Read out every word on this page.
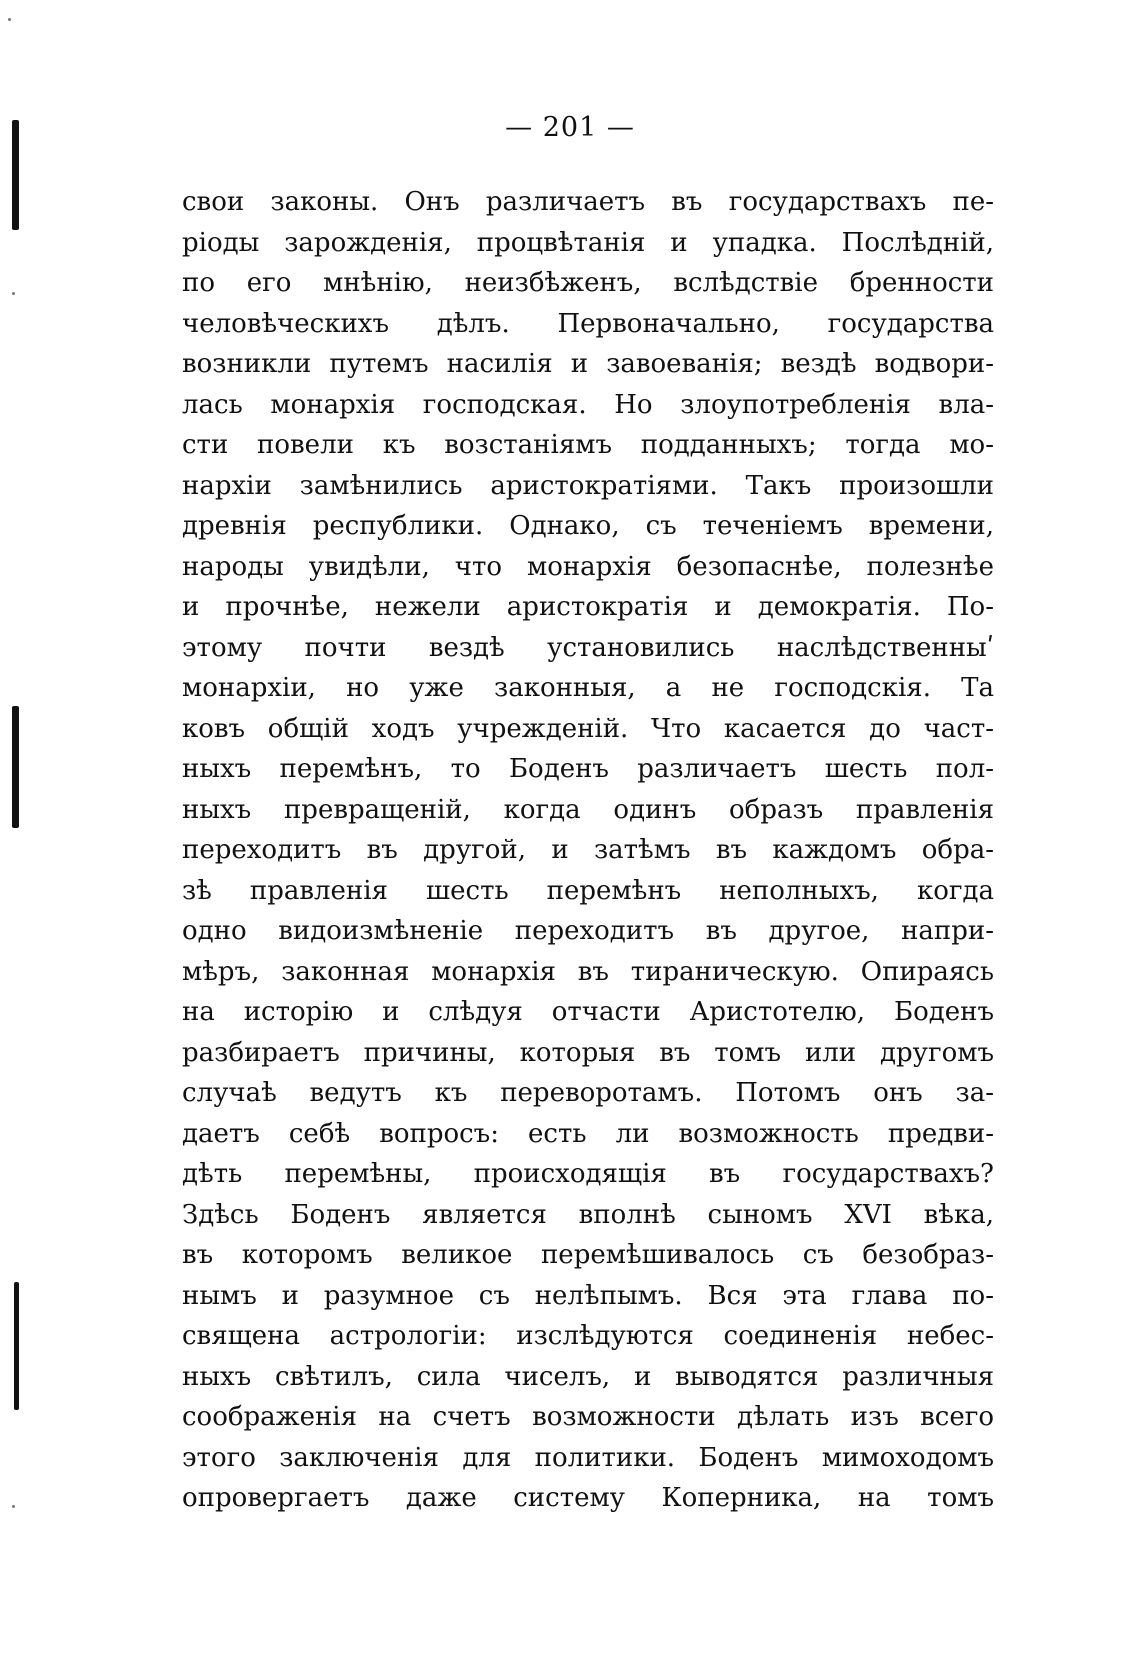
— 201 —
свои законы. Онъ различаетъ въ государствахъ пе-
ріоды зарожденія, процвѣтанія и упадка. Послѣдній,
по его мнѣнію, неизбѣженъ, вслѣдствіе бренности
человѣческихъ дѣлъ. Первоначально, государства
возникли путемъ насилія и завоеванія; вездѣ водвори-
лась монархія господская. Но злоупотребленія вла-
сти повели къ возстаніямъ подданныхъ; тогда мо-
нархіи замѣнились аристократіями. Такъ произошли
древнія республики. Однако, съ теченіемъ времени,
народы увидѣли, что монархія безопаснѣе, полезнѣе
и прочнѣе, нежели аристократія и демократія. По-
этому почти вездѣ установились наслѣдственныʹ
монархіи, но уже законныя, а не господскія. Та
ковъ общій ходъ учрежденій. Что касается до част-
ныхъ перемѣнъ, то Боденъ различаетъ шесть пол-
ныхъ превращеній, когда одинъ образъ правленія
переходитъ въ другой, и затѣмъ въ каждомъ обра-
зѣ правленія шесть перемѣнъ неполныхъ, когда
одно видоизмѣненіе переходитъ въ другое, напри-
мѣръ, законная монархія въ тираническую. Опираясь
на исторію и слѣдуя отчасти Аристотелю, Боденъ
разбираетъ причины, которыя въ томъ или другомъ
случаѣ ведутъ къ переворотамъ. Потомъ онъ за-
даетъ себѣ вопросъ: есть ли возможность предви-
дѣть перемѣны, происходящія въ государствахъ?
Здѣсь Боденъ является вполнѣ сыномъ XVI вѣка,
въ которомъ великое перемѣшивалось съ безобраз-
нымъ и разумное съ нелѣпымъ. Вся эта глава по-
священа астрологіи: изслѣдуются соединенія небес-
ныхъ свѣтилъ, сила чиселъ, и выводятся различныя
соображенія на счетъ возможности дѣлать изъ всего
этого заключенія для политики. Боденъ мимоходомъ
опровергаетъ даже систему Коперника, на томъ
